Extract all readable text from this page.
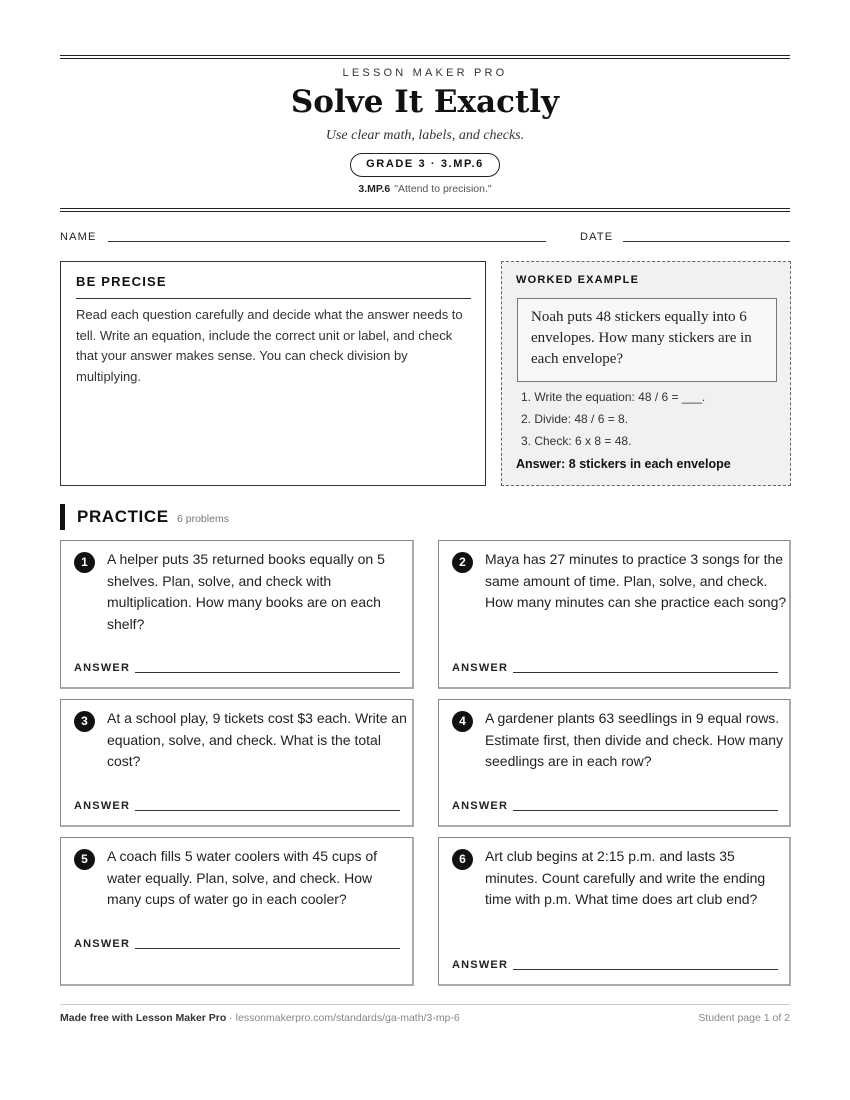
LESSON MAKER PRO
Solve It Exactly
Use clear math, labels, and checks.
GRADE 3 · 3.MP.6
3.MP.6 "Attend to precision."
NAME	DATE
BE PRECISE

Read each question carefully and decide what the answer needs to tell. Write an equation, include the correct unit or label, and check that your answer makes sense. You can check division by multiplying.

WORKED EXAMPLE
Noah puts 48 stickers equally into 6 envelopes. How many stickers are in each envelope?
1. Write the equation: 48 / 6 = ___.
2. Divide: 48 / 6 = 8.
3. Check: 6 x 8 = 48.
Answer: 8 stickers in each envelope
PRACTICE 6 problems
1	A helper puts 35 returned books equally on 5 shelves. Plan, solve, and check with multiplication. How many books are on each shelf?

ANSWER
2	Maya has 27 minutes to practice 3 songs for the same amount of time. Plan, solve, and check. How many minutes can she practice each song?

ANSWER
3	At a school play, 9 tickets cost $3 each. Write an equation, solve, and check. What is the total cost?

ANSWER
4	A gardener plants 63 seedlings in 9 equal rows. Estimate first, then divide and check. How many seedlings are in each row?

ANSWER
5	A coach fills 5 water coolers with 45 cups of water equally. Plan, solve, and check. How many cups of water go in each cooler?

ANSWER
6	Art club begins at 2:15 p.m. and lasts 35 minutes. Count carefully and write the ending time with p.m. What time does art club end?

ANSWER
Made free with Lesson Maker Pro · lessonmakerpro.com/standards/ga-math/3-mp-6	Student page 1 of 2
